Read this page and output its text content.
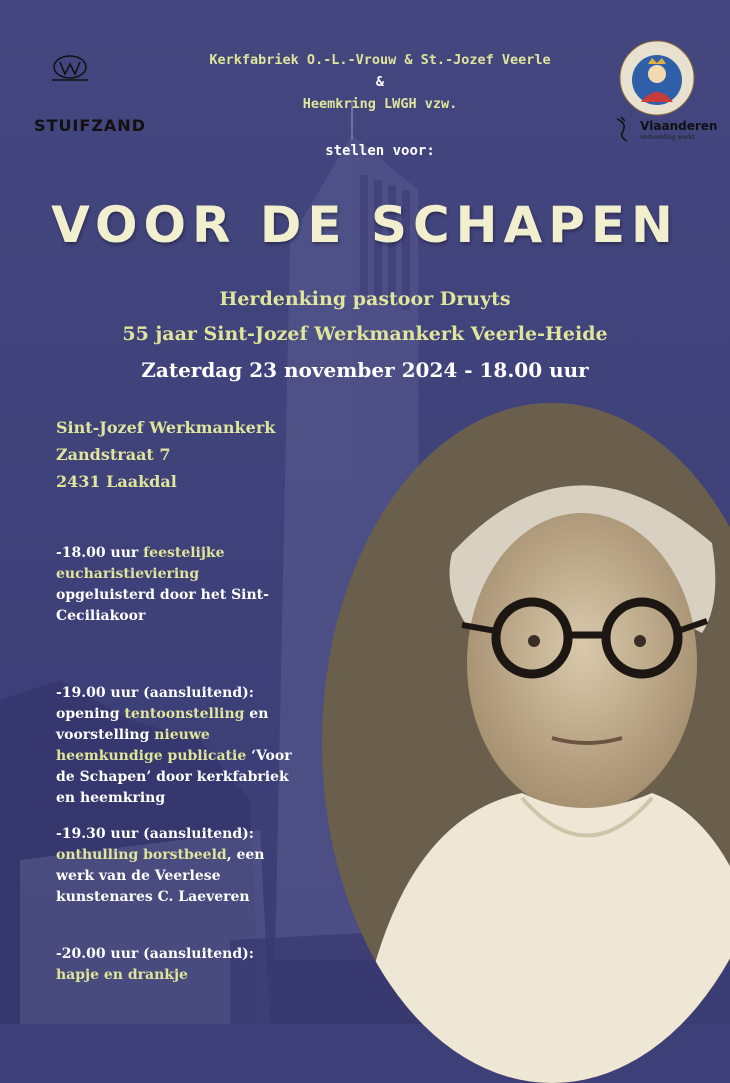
STUIFZAND
Kerkfabriek O.-L.-Vrouw & St.-Jozef Veerle
&
Heemkring LWGH vzw.
stellen voor:
Vlaanderen
verbeelding werkt
VOOR DE SCHAPEN
Herdenking pastoor Druyts
55 jaar Sint-Jozef Werkmankerk Veerle-Heide
Zaterdag 23 november 2024 - 18.00 uur
Sint-Jozef Werkmankerk
Zandstraat 7
2431 Laakdal
-18.00 uur feestelijke eucharistieviering opgeluisterd door het Sint-Ceciliakoor
-19.00 uur (aansluitend): opening tentoonstelling en voorstelling nieuwe heemkundige publicatie ‘Voor de Schapen’ door kerkfabriek en heemkring
-19.30 uur (aansluitend): onthulling borstbeeld, een werk van de Veerlese kunstenares C. Laeveren
-20.00 uur (aansluitend): hapje en drankje
